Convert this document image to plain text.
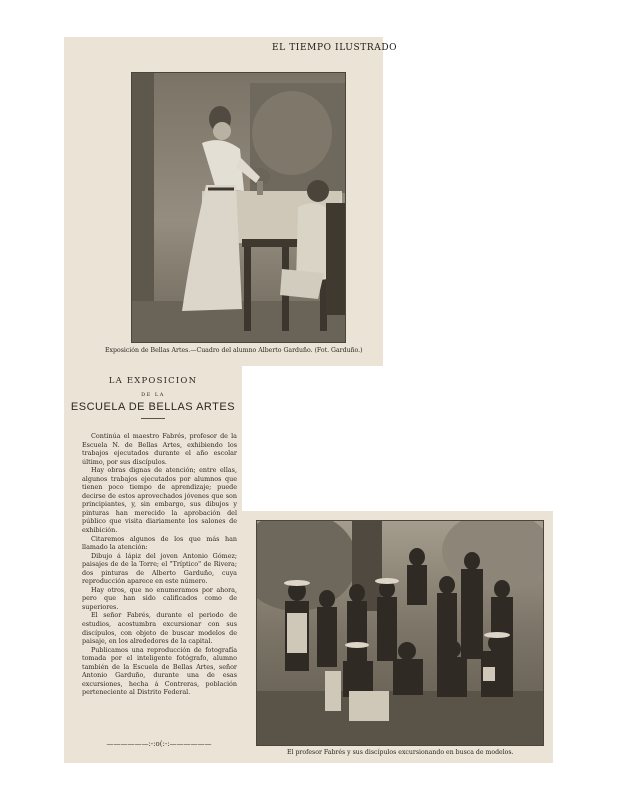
EL TIEMPO ILUSTRADO
Exposición de Bellas Artes.—Cuadro del alumno Alberto Garduño. (Fot. Garduño.)
LA EXPOSICION
DE LA
ESCUELA DE BELLAS ARTES

Continúa el maestro Fabrés, profesor de la Escuela N. de Bellas Artes, exhibiendo los trabajos ejecutados durante el año escolar último, por sus discípulos.

Hay obras dignas de atención; entre ellas, algunos trabajos ejecutados por alumnos que tienen poco tiempo de aprendizaje; puede decirse de estos aprovechados jóvenes que son principiantes, y, sin embargo, sus dibujos y pinturas han merecido la aprobación del público que visita diariamente los salones de exhibición.

Citaremos algunos de los que más han llamado la atención:

Dibujo á lápiz del joven Antonio Gómez; paisajes de de la Torre; el "Tríptico" de Rivera; dos pinturas de Alberto Garduño, cuya reproducción aparece en este número.

Hay otros, que no enumeramos por ahora, pero que han sido calificados como de superiores.

El señor Fabrés, durante el periodo de estudios, acostumbra excursionar con sus discípulos, con objeto de buscar modelos de paisaje, en los alrededores de la capital.

Publicamos una reproducción de fotografía tomada por el inteligente fotógrafo, alumno también de la Escuela de Bellas Artes, señor Antonio Garduño, durante una de esas excursiones, hecha á Contreras, población perteneciente al Distrito Federal.

——————:-:o(:-:——————
El profesor Fabrés y sus discípulos excursionando en busca de modelos.
